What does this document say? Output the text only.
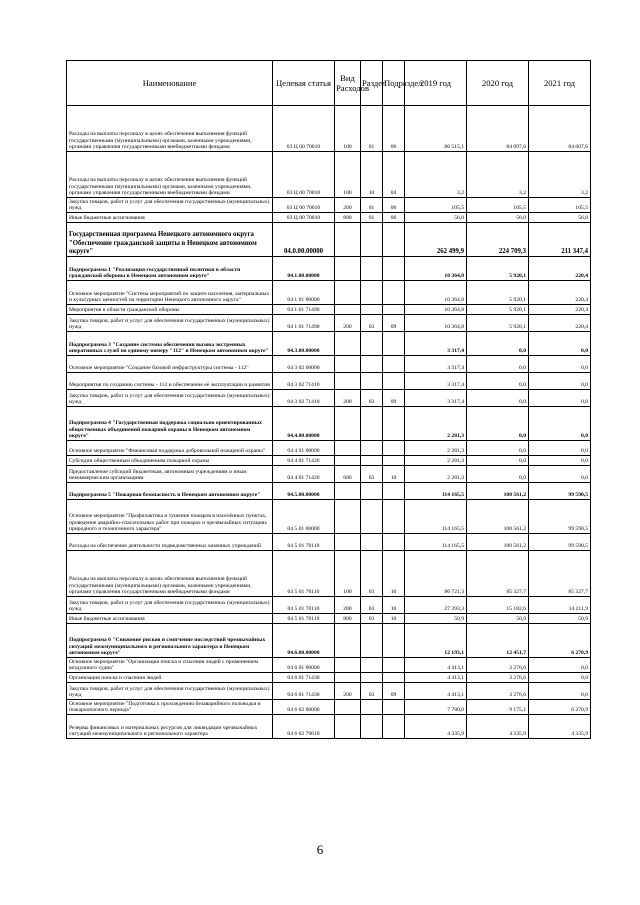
Наименование	Целевая статья	Вид Расходов	Раздел	Подраздел	2019 год	2020 год	2021 год
Расходы на выплаты персоналу в целях обеспечения выполнения функций государственными (муниципальными) органами, казенными учреждениями, органами управления государственными внебюджетными фондами	03 Ц 00 70010	100	01	06	86 515,1	84 097,6	84 007,6
Расходы на выплаты персоналу в целях обеспечения выполнения функций государственными (муниципальными) органами, казенными учреждениями, органами управления государственными внебюджетными фондами	03 Ц 00 70010	100	10	04	3,2	3,2	3,2
Закупка товаров, работ и услуг для обеспечения государственных (муниципальных) нужд	03 Ц 00 70010	200	01	06	105,5	105,5	105,5
Иные бюджетные ассигнования	03 Ц 00 70010	800	01	06	56,0	56,0	56,0
Государственная программа Ненецкого автономного округа "Обеспечение гражданской защиты в Ненецком автономном округе"	04.0.00.00000				262 499,9	224 709,3	211 347,4
Подпрограмма 1 "Реализация государственной политики в области гражданской обороны в Ненецком автономном округе"	04.1.00.00000				10 364,8	5 920,1	220,4
Основное мероприятие "Система мероприятий по защите населения, материальных и культурных ценностей на территории Ненецкого автономного округа"	04 1 01 00000				10 364,8	5 920,1	220,4
Мероприятия в области гражданской обороны	04 1 01 71490				10 364,8	5 920,1	220,4
Закупка товаров, работ и услуг для обеспечения государственных (муниципальных) нужд	04 1 01 71490	200	03	09	10 364,8	5 920,1	220,4
Подпрограмма 3 "Создание системы обеспечения вызова экстренных оперативных служб по единому номеру "112" в Ненецком автономном округе"	04.3.00.00000				3 317,4	0,0	0,0
Основное мероприятие "Создание базовой инфраструктуры системы - 112"	04 3 02 00000				3 317,4	0,0	0,0
Мероприятия по созданию системы - 112 и обеспечение её эксплуатации и развития	04 3 02 71410				3 317,4	0,0	0,0
Закупка товаров, работ и услуг для обеспечения государственных (муниципальных) нужд	04 3 02 71410	200	03	09	3 317,4	0,0	0,0
Подпрограмма 4 "Государственная поддержка социально ориентированных общественных объединений пожарной охраны в Ненецком автономном округе"	04.4.00.00000				2 281,3	0,0	0,0
Основное мероприятие "Финансовая поддержка добровольной пожарной охраны"	04 4 01 00000				2 281,3	0,0	0,0
Субсидии общественным объединениям пожарной охраны	04 4 01 71420				2 281,3	0,0	0,0
Предоставление субсидий бюджетным, автономным учреждениям и иным некоммерческим организациям	04 4 01 71420	600	03	10	2 281,3	0,0	0,0
Подпрограмма 5 "Пожарная безопасность в Ненецком автономном округе"	04.5.00.00000				114 165,5	100 561,2	99 590,5
Основное мероприятие "Профилактика и тушение пожаров в населённых пунктах, проведение аварийно-спасательных работ при пожарах и чрезвычайных ситуациях природного и техногенного характера"	04 5 01 00000				114 165,5	100 561,2	99 590,5
Расходы на обеспечение деятельности подведомственных казенных учреждений	04 5 01 70110				114 165,5	100 561,2	99 590,5
Расходы на выплаты персоналу в целях обеспечения выполнения функций государственными (муниципальными) органами, казенными учреждениями, органами управления государственными внебюджетными фондами	04 5 01 70110	100	03	10	86 721,3	85 327,7	85 327,7
Закупка товаров, работ и услуг для обеспечения государственных (муниципальных) нужд	04 5 01 70110	200	03	10	27 393,3	15 182,6	14 211,9
Иные бюджетные ассигнования	04 5 01 70110	800	03	10	50,9	50,9	50,9
Подпрограмма 6 "Снижение рисков и смягчение последствий чрезвычайных ситуаций межмуниципального и регионального характера в Ненецком автономном округе"	04.6.00.00000				12 193,1	12 451,7	6 270,9
Основное мероприятие "Организация поиска и спасения людей с применением воздушного судна"	04 6 01 00000				4 413,1	3 276,6	0,0
Организация поиска и спасения людей	04 6 01 71430				4 413,1	3 276,6	0,0
Закупка товаров, работ и услуг для обеспечения государственных (муниципальных) нужд	04 6 01 71430	200	03	09	4 413,1	3 276,6	0,0
Основное мероприятие "Подготовка к прохождению безаварийного половодья и пожароопасного периода"	04 6 02 00000				7 780,0	9 175,1	6 270,9
Резервы финансовых и материальных ресурсов для ликвидации чрезвычайных ситуаций межмуниципального и регионального характера	04 6 02 79610				4 335,9	4 335,9	4 335,9
6
